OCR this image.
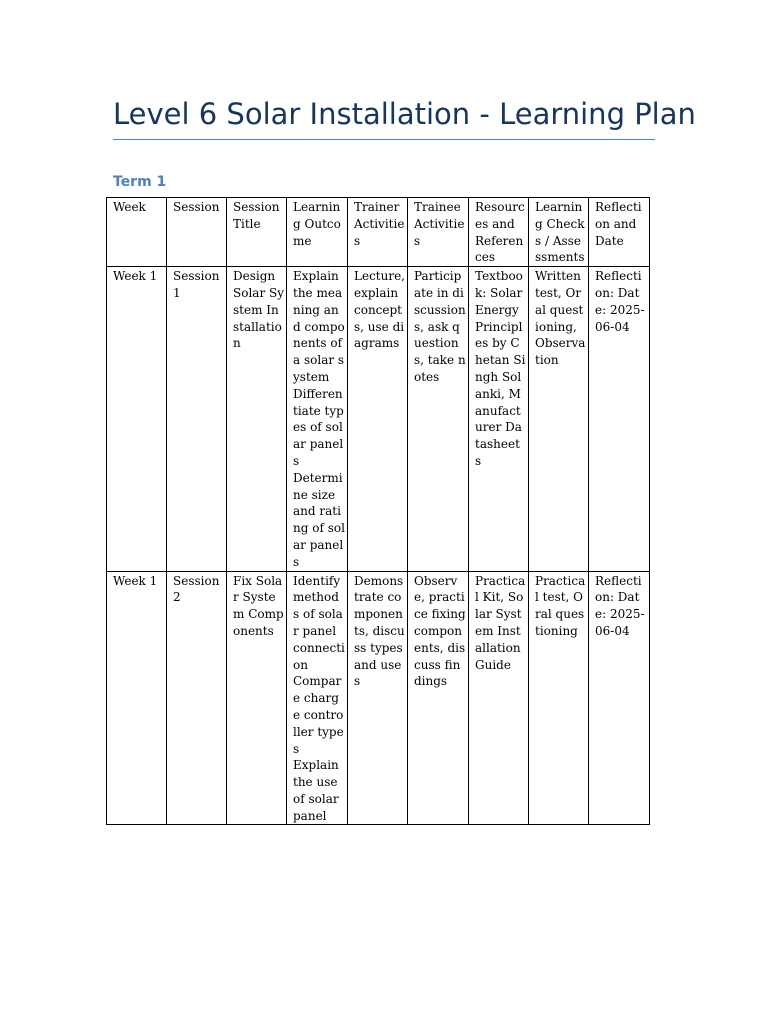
Level 6 Solar Installation - Learning Plan
Term 1
Week	Session	Session Title	Learning Outcome	Trainer Activities	Trainee Activities	Resources and References	Learning Checks / Assessments	Reflection and Date
Week 1	Session 1	Design Solar System Installation	Explain the meaning and components of a solar system
Differentiate types of solar panels
Determine size and rating of solar panels	Lecture, explain concepts, use diagrams	Participate in discussions, ask questions, take notes	Textbook: Solar Energy Principles by Chetan Singh Solanki, Manufacturer Datasheets	Written test, Oral questioning, Observation	Reflection: Date: 2025-06-04
Week 1	Session 2	Fix Solar System Components	Identify methods of solar panel connection
Compare charge controller types
Explain the use of solar panel	Demonstrate components, discuss types and uses	Observe, practice fixing components, discuss findings	Practical Kit, Solar System Installation Guide	Practical test, Oral questioning	Reflection: Date: 2025-06-04
